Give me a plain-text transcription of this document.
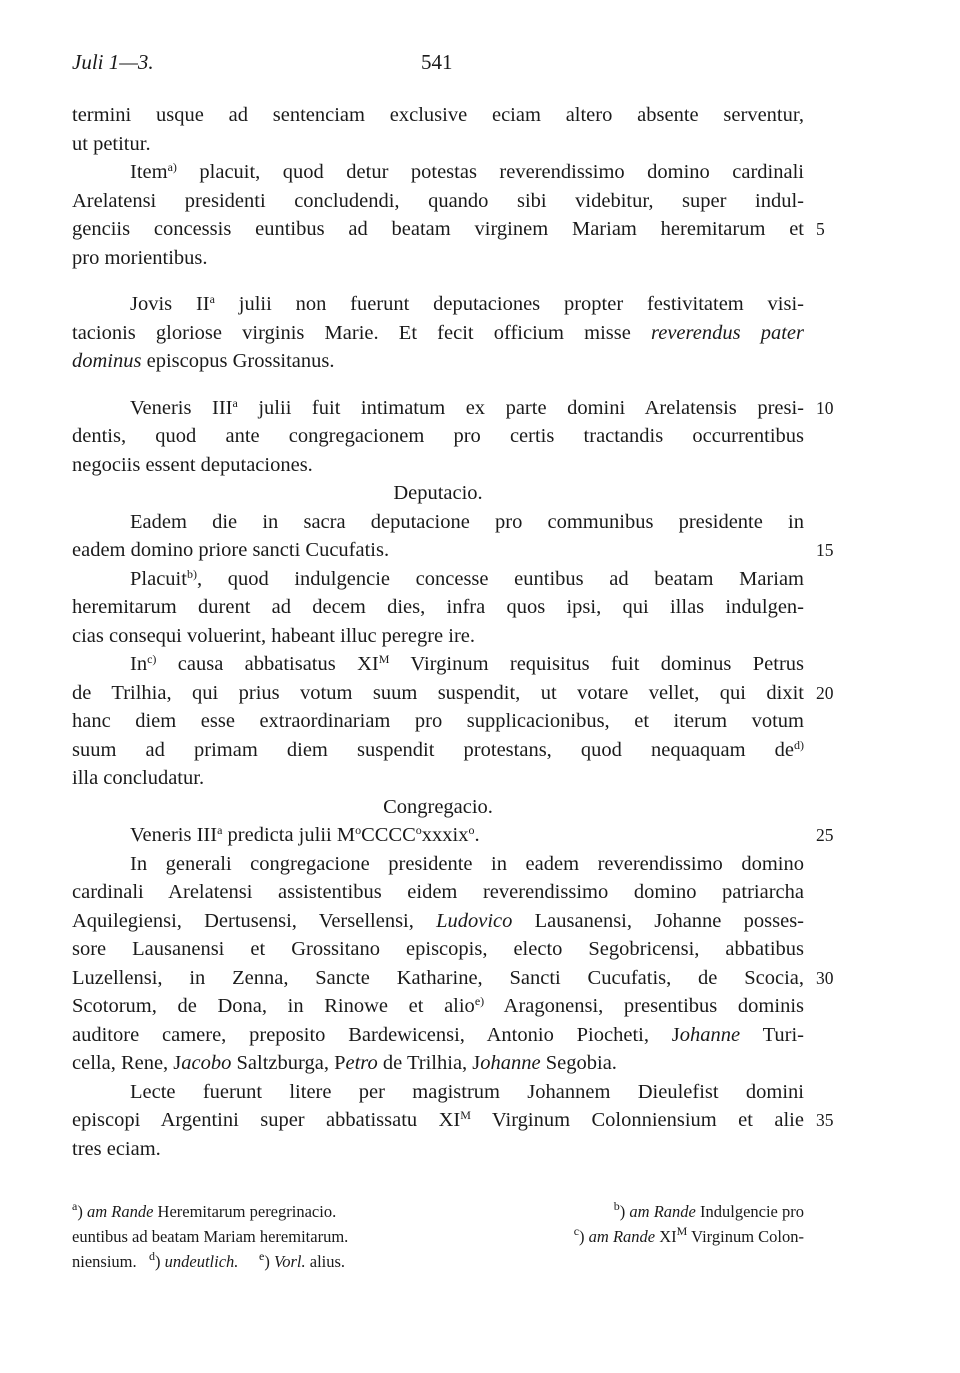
Juli 1—3.	541
termini usque ad sentenciam exclusive eciam altero absente serventur,
ut petitur.
Item$^{a)}$ placuit, quod detur potestas reverendissimo domino cardinali
Arelatensi presidenti concludendi, quando sibi videbitur, super indul-
genciis concessis euntibus ad beatam virginem Mariam heremitarum et 5
pro morientibus.
Jovis $II^a$ julii non fuerunt deputaciones propter festivitatem visi-
tacionis gloriose virginis Marie. Et fecit officium misse reverendus pater
dominus episcopus Grossitanus.
Veneris III$^a$ julii fuit intimatum ex parte domini Arelatensis presi- 10
dentis, quod ante congregacionem pro certis tractandis occurrentibus
negociis essent deputaciones.
Deputacio.
Eadem die in sacra deputacione pro communibus presidente in
eadem domino priore sancti Cucufatis.	15
Placuit$^{b)}$, quod indulgencie concesse euntibus ad beatam Mariam
heremitarum durent ad decem dies, infra quos ipsi, qui illas indulgen-
cias consequi voluerint, habeant illuc peregre ire.
In$^{c)}$ causa abbatisatus $XI^M$ Virginum requisitus fuit dominus Petrus
de Trilhia, qui prius votum suum suspendit, ut votare vellet, qui dixit 20
hanc diem esse extraordinariam pro supplicacionibus, et iterum votum
suum ad primam diem suspendit protestans, quod nequaquam $de^{d)}$
illa concludatur.
Congregacio.
Veneris III$^a$ predicta julii $M^oCCCC^oxxxix^o$.	25
In generali congregacione presidente in eadem reverendissimo domino
cardinali Arelatensi assistentibus eidem reverendissimo domino patriarcha
Aquilegiensi, Dertusensi, Versellensi, Ludovico Lausanensi, Johanne posses-
sore Lausanensi et Grossitano episcopis, electo Segobricensi, abbatibus
Luzellensi, in Zenna, Sancte Katharine, Sancti Cucufatis, de Scocia, 30
Scotorum, de Dona, in Rinowe et alio$^{e)}$ Aragonensi, presentibus dominis
auditore camere, preposito Bardewicensi, Antonio Piocheti, Johanne Turi-
cella, Rene, Jacobo Saltzburga, Petro de Trilhia, Johanne Segobia.
Lecte fuerunt litere per magistrum Johannem Dieulefist domini
episcopi Argentini super abbatissatu $XI^M$ Virginum Colonniensium et alie 35
tres eciam.
$^a$) am Rande Heremitarum peregrinacio.	$^b$) am Rande Indulgencie pro
euntibus ad beatam Mariam heremitarum.	$^c$) am Rande $XI^M$ Virginum Colon-
niensium.   $^d$) undeutlich. $^e$) Vorl. alius.
